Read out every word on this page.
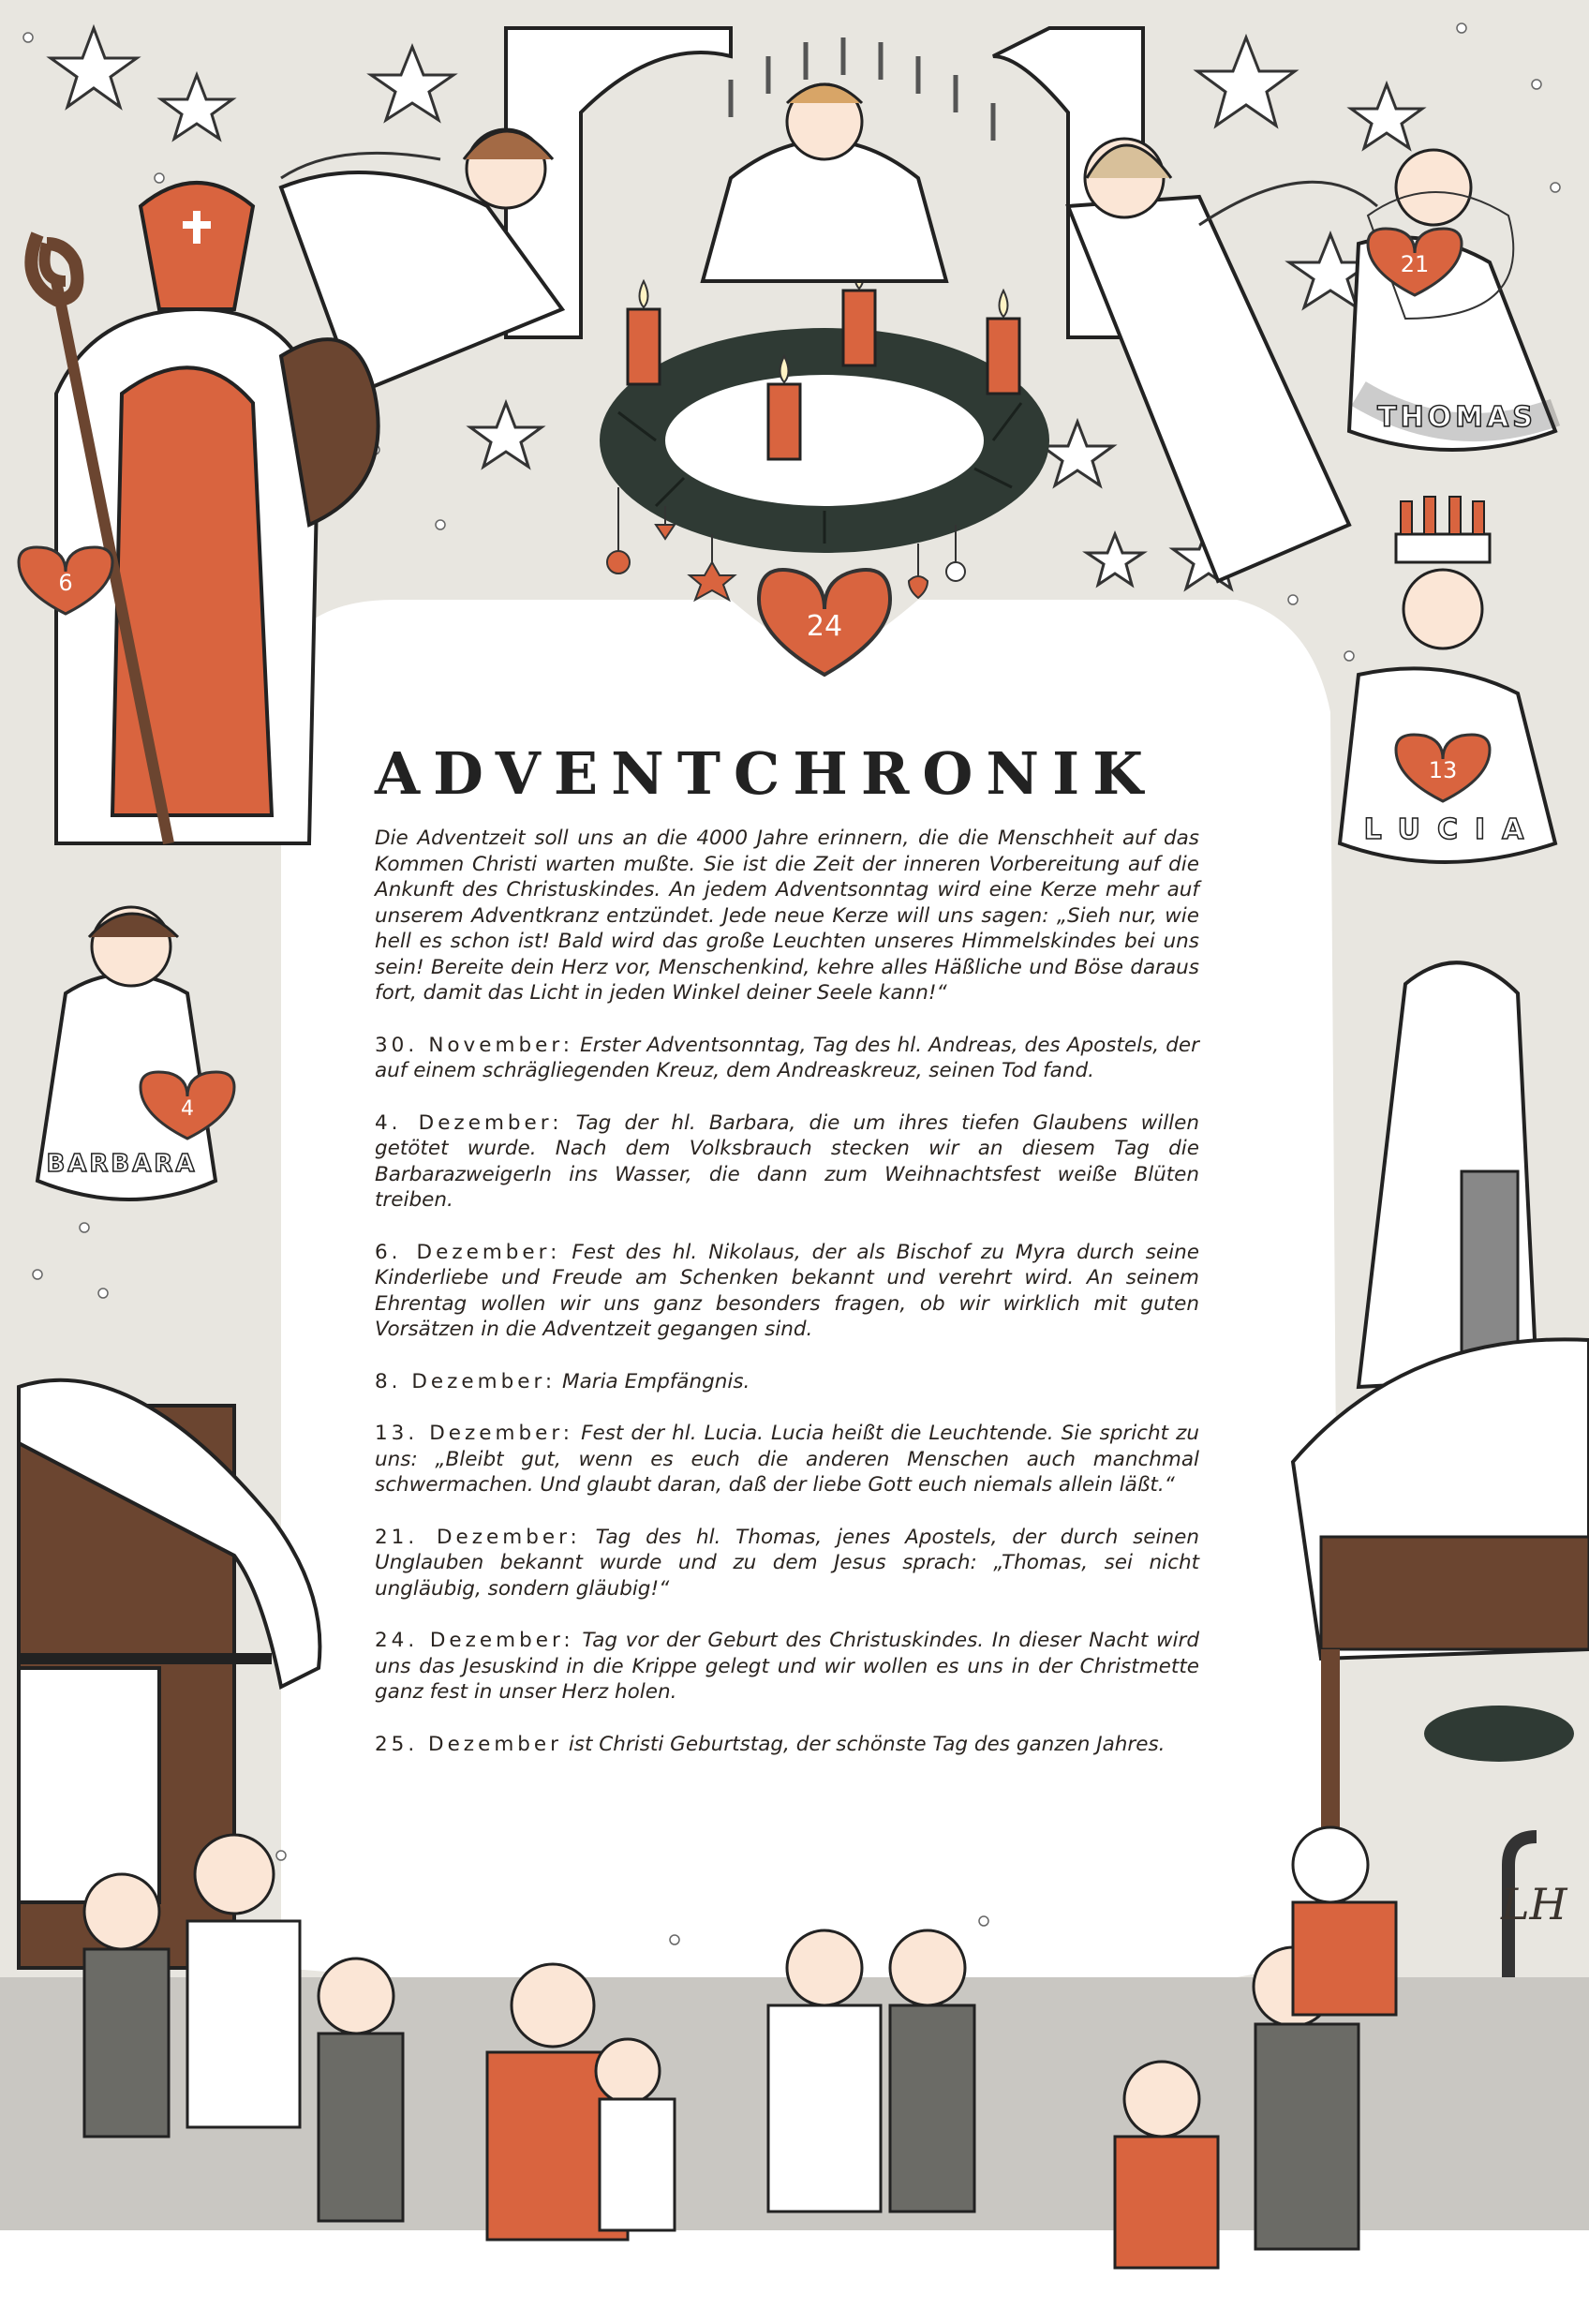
24
21
THOMAS
13
LUCIA
6
4
BARBARA
ADVENTCHRONIK

Die Adventzeit soll uns an die 4000 Jahre erinnern, die die Menschheit auf das Kommen Christi warten mußte. Sie ist die Zeit der inneren Vorbereitung auf die Ankunft des Christuskindes. An jedem Adventsonntag wird eine Kerze mehr auf unserem Adventkranz entzündet. Jede neue Kerze will uns sagen: „Sieh nur, wie hell es schon ist! Bald wird das große Leuchten unseres Himmelskindes bei uns sein! Bereite dein Herz vor, Menschenkind, kehre alles Häßliche und Böse daraus fort, damit das Licht in jeden Winkel deiner Seele kann!“

30. November: Erster Adventsonntag, Tag des hl. Andreas, des Apostels, der auf einem schrägliegenden Kreuz, dem Andreaskreuz, seinen Tod fand.

4. Dezember: Tag der hl. Barbara, die um ihres tiefen Glaubens willen getötet wurde. Nach dem Volksbrauch stecken wir an diesem Tag die Barbarazweigerln ins Wasser, die dann zum Weihnachtsfest weiße Blüten treiben.

6. Dezember: Fest des hl. Nikolaus, der als Bischof zu Myra durch seine Kinderliebe und Freude am Schenken bekannt und verehrt wird. An seinem Ehrentag wollen wir uns ganz besonders fragen, ob wir wirklich mit guten Vorsätzen in die Adventzeit gegangen sind.

8. Dezember: Maria Empfängnis.

13. Dezember: Fest der hl. Lucia. Lucia heißt die Leuchtende. Sie spricht zu uns: „Bleibt gut, wenn es euch die anderen Menschen auch manchmal schwermachen. Und glaubt daran, daß der liebe Gott euch niemals allein läßt.“

21. Dezember: Tag des hl. Thomas, jenes Apostels, der durch seinen Unglauben bekannt wurde und zu dem Jesus sprach: „Thomas, sei nicht ungläubig, sondern gläubig!“

24. Dezember: Tag vor der Geburt des Christuskindes. In dieser Nacht wird uns das Jesuskind in die Krippe gelegt und wir wollen es uns in der Christmette ganz fest in unser Herz holen.

25. Dezember ist Christi Geburtstag, der schönste Tag des ganzen Jahres.

LH
